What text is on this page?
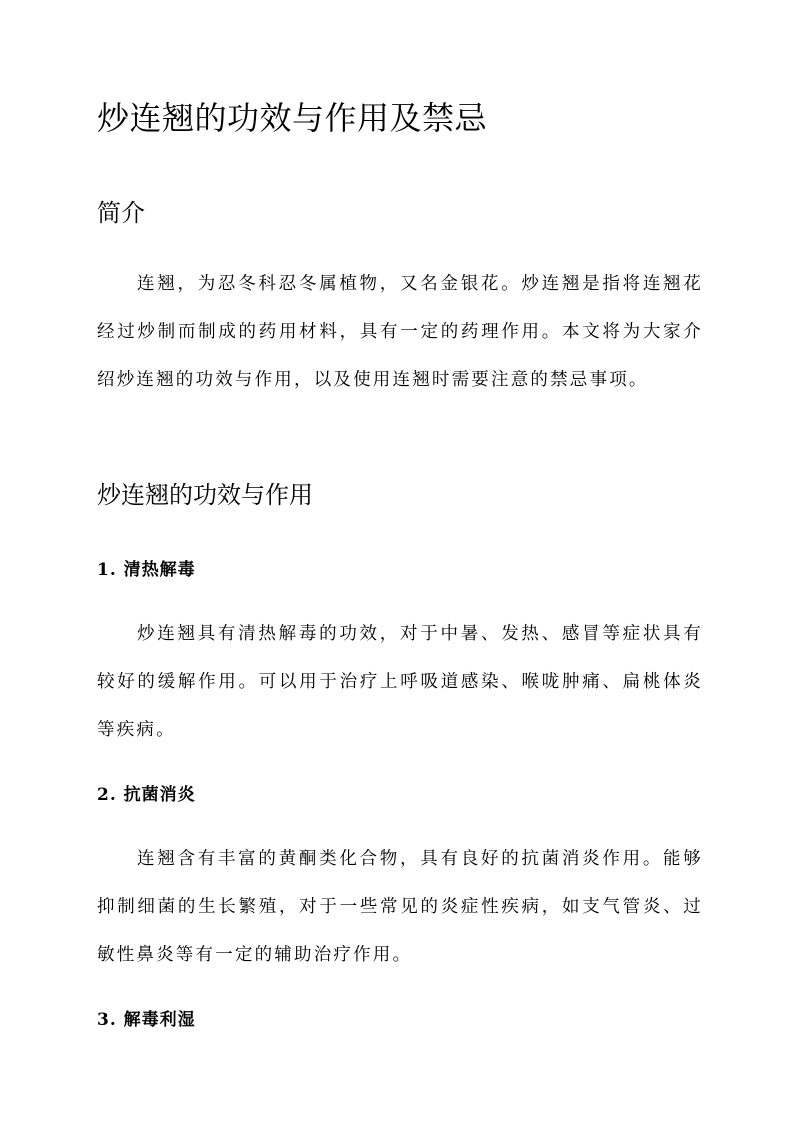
炒连翘的功效与作用及禁忌
简介

连翘，为忍冬科忍冬属植物，又名金银花。炒连翘是指将连翘花经过炒制而制成的药用材料，具有一定的药理作用。本文将为大家介绍炒连翘的功效与作用，以及使用连翘时需要注意的禁忌事项。

炒连翘的功效与作用
1. 清热解毒

炒连翘具有清热解毒的功效，对于中暑、发热、感冒等症状具有较好的缓解作用。可以用于治疗上呼吸道感染、喉咙肿痛、扁桃体炎等疾病。

2. 抗菌消炎

连翘含有丰富的黄酮类化合物，具有良好的抗菌消炎作用。能够抑制细菌的生长繁殖，对于一些常见的炎症性疾病，如支气管炎、过敏性鼻炎等有一定的辅助治疗作用。

3. 解毒利湿
